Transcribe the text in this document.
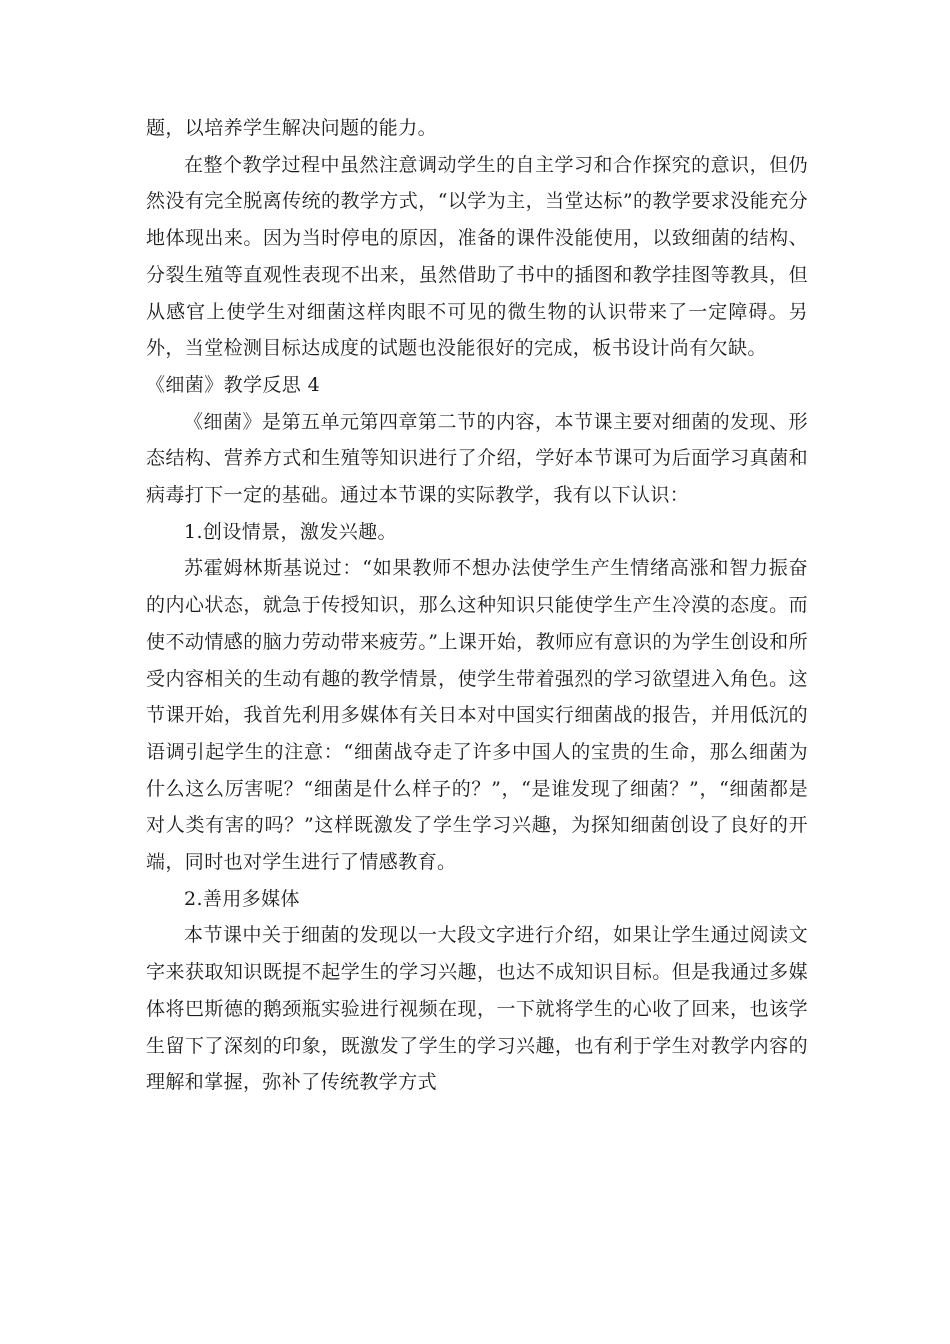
题，以培养学生解决问题的能力。

在整个教学过程中虽然注意调动学生的自主学习和合作探究的意识，但仍然没有完全脱离传统的教学方式，“以学为主，当堂达标”的教学要求没能充分地体现出来。因为当时停电的原因，准备的课件没能使用，以致细菌的结构、分裂生殖等直观性表现不出来，虽然借助了书中的插图和教学挂图等教具，但从感官上使学生对细菌这样肉眼不可见的微生物的认识带来了一定障碍。另外，当堂检测目标达成度的试题也没能很好的完成，板书设计尚有欠缺。

《细菌》教学反思 4

《细菌》是第五单元第四章第二节的内容，本节课主要对细菌的发现、形态结构、营养方式和生殖等知识进行了介绍，学好本节课可为后面学习真菌和病毒打下一定的基础。通过本节课的实际教学，我有以下认识：

1.创设情景，激发兴趣。

苏霍姆林斯基说过：“如果教师不想办法使学生产生情绪高涨和智力振奋的内心状态，就急于传授知识，那么这种知识只能使学生产生冷漠的态度。而使不动情感的脑力劳动带来疲劳。”上课开始，教师应有意识的为学生创设和所受内容相关的生动有趣的教学情景，使学生带着强烈的学习欲望进入角色。这节课开始，我首先利用多媒体有关日本对中国实行细菌战的报告，并用低沉的语调引起学生的注意：“细菌战夺走了许多中国人的宝贵的生命，那么细菌为什么这么厉害呢？“细菌是什么样子的？”，“是谁发现了细菌？”，“细菌都是对人类有害的吗？”这样既激发了学生学习兴趣，为探知细菌创设了良好的开端，同时也对学生进行了情感教育。

2.善用多媒体

本节课中关于细菌的发现以一大段文字进行介绍，如果让学生通过阅读文字来获取知识既提不起学生的学习兴趣，也达不成知识目标。但是我通过多媒体将巴斯德的鹅颈瓶实验进行视频在现，一下就将学生的心收了回来，也该学生留下了深刻的印象，既激发了学生的学习兴趣，也有利于学生对教学内容的理解和掌握，弥补了传统教学方式
